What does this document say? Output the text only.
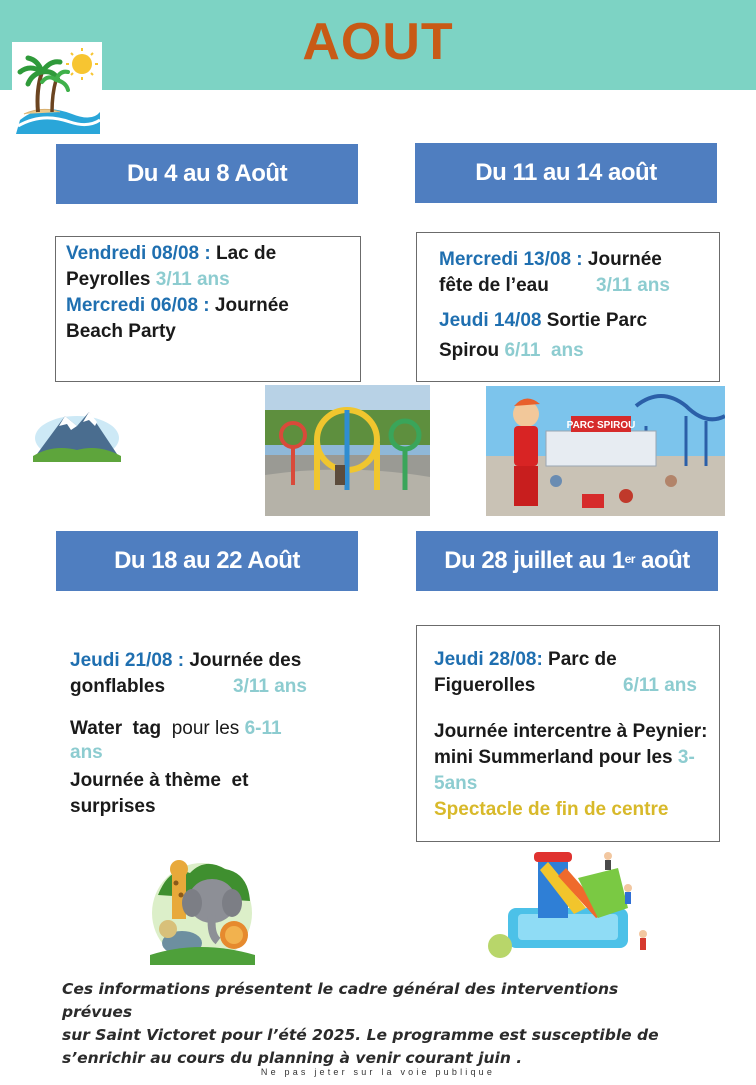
AOUT
Du 4 au 8 Août	Du 11 au 14 août
Du 18 au 22 Août	Du 28 juillet au 1 er août
Vendredi 08/08 : Lac de
Peyrolles 3/11 ans
Mercredi 06/08 : Journée
Beach Party
Mercredi 13/08 : Journée
fête de l’eau 3/11 ans
Jeudi 14/08 Sortie Parc
Spirou 6/11  ans
PARC SPIROU
Jeudi 21/08 : Journée des
gonflables	3/11 ans
Water  tag  pour les 6-11
ans
Journée à thème  et
surprises
Jeudi 28/08: Parc de
Figuerolles	6/11 ans
Journée intercentre à Peynier:
mini Summerland pour les 3-
5ans
Spectacle de fin de centre
Ces informations présentent le cadre général des interventions prévues
sur Saint Victoret pour l’été 2025. Le programme est susceptible de
s’enrichir au cours du planning à venir courant juin .
Ne pas jeter sur la voie publique
